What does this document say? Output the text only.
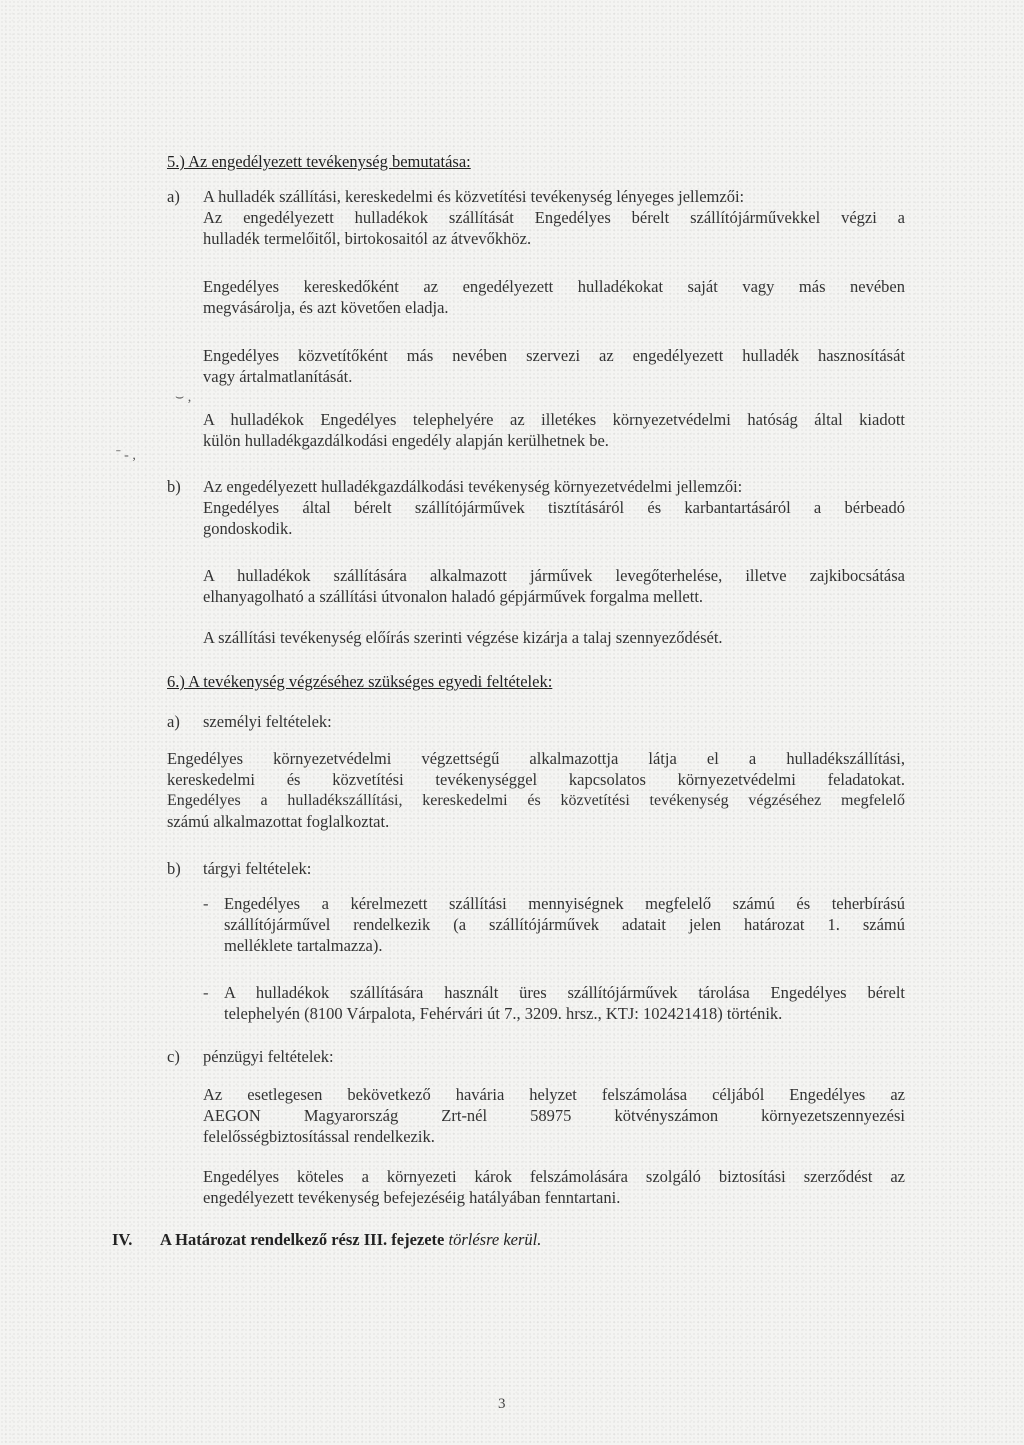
5.) Az engedélyezett tevékenység bemutatása:
a) A hulladék szállítási, kereskedelmi és közvetítési tevékenység lényeges jellemzői:
Az engedélyezett hulladékok szállítását Engedélyes bérelt szállítójárművekkel végzi a
hulladék termelőitől, birtokosaitól az átvevőkhöz.
Engedélyes kereskedőként az engedélyezett hulladékokat saját vagy más nevében
megvásárolja, és azt követően eladja.
Engedélyes közvetítőként más nevében szervezi az engedélyezett hulladék hasznosítását
vagy ártalmatlanítását.
A hulladékok Engedélyes telephelyére az illetékes környezetvédelmi hatóság által kiadott
külön hulladékgazdálkodási engedély alapján kerülhetnek be.
b) Az engedélyezett hulladékgazdálkodási tevékenység környezetvédelmi jellemzői:
Engedélyes által bérelt szállítójárművek tisztításáról és karbantartásáról a bérbeadó
gondoskodik.
A hulladékok szállítására alkalmazott járművek levegőterhelése, illetve zajkibocsátása
elhanyagolható a szállítási útvonalon haladó gépjárművek forgalma mellett.
A szállítási tevékenység előírás szerinti végzése kizárja a talaj szennyeződését.
6.) A tevékenység végzéséhez szükséges egyedi feltételek:
a) személyi feltételek:
Engedélyes környezetvédelmi végzettségű alkalmazottja látja el a hulladékszállítási,
kereskedelmi és közvetítési tevékenységgel kapcsolatos környezetvédelmi feladatokat.
Engedélyes a hulladékszállítási, kereskedelmi és közvetítési tevékenység végzéséhez megfelelő
számú alkalmazottat foglalkoztat.
b) tárgyi feltételek:
- Engedélyes a kérelmezett szállítási mennyiségnek megfelelő számú és teherbírású
szállítójárművel rendelkezik (a szállítójárművek adatait jelen határozat 1. számú
melléklete tartalmazza).
- A hulladékok szállítására használt üres szállítójárművek tárolása Engedélyes bérelt
telephelyén (8100 Várpalota, Fehérvári út 7., 3209. hrsz., KTJ: 102421418) történik.
c) pénzügyi feltételek:
Az esetlegesen bekövetkező havária helyzet felszámolása céljából Engedélyes az
AEGON Magyarország Zrt-nél 58975 kötvényszámon környezetszennyezési
felelősségbiztosítással rendelkezik.
Engedélyes köteles a környezeti károk felszámolására szolgáló biztosítási szerződést az
engedélyezett tevékenység befejezéséig hatályában fenntartani.
IV. A Határozat rendelkező rész III. fejezete törlésre kerül.
⌣ ,
ˉ - ,
3
